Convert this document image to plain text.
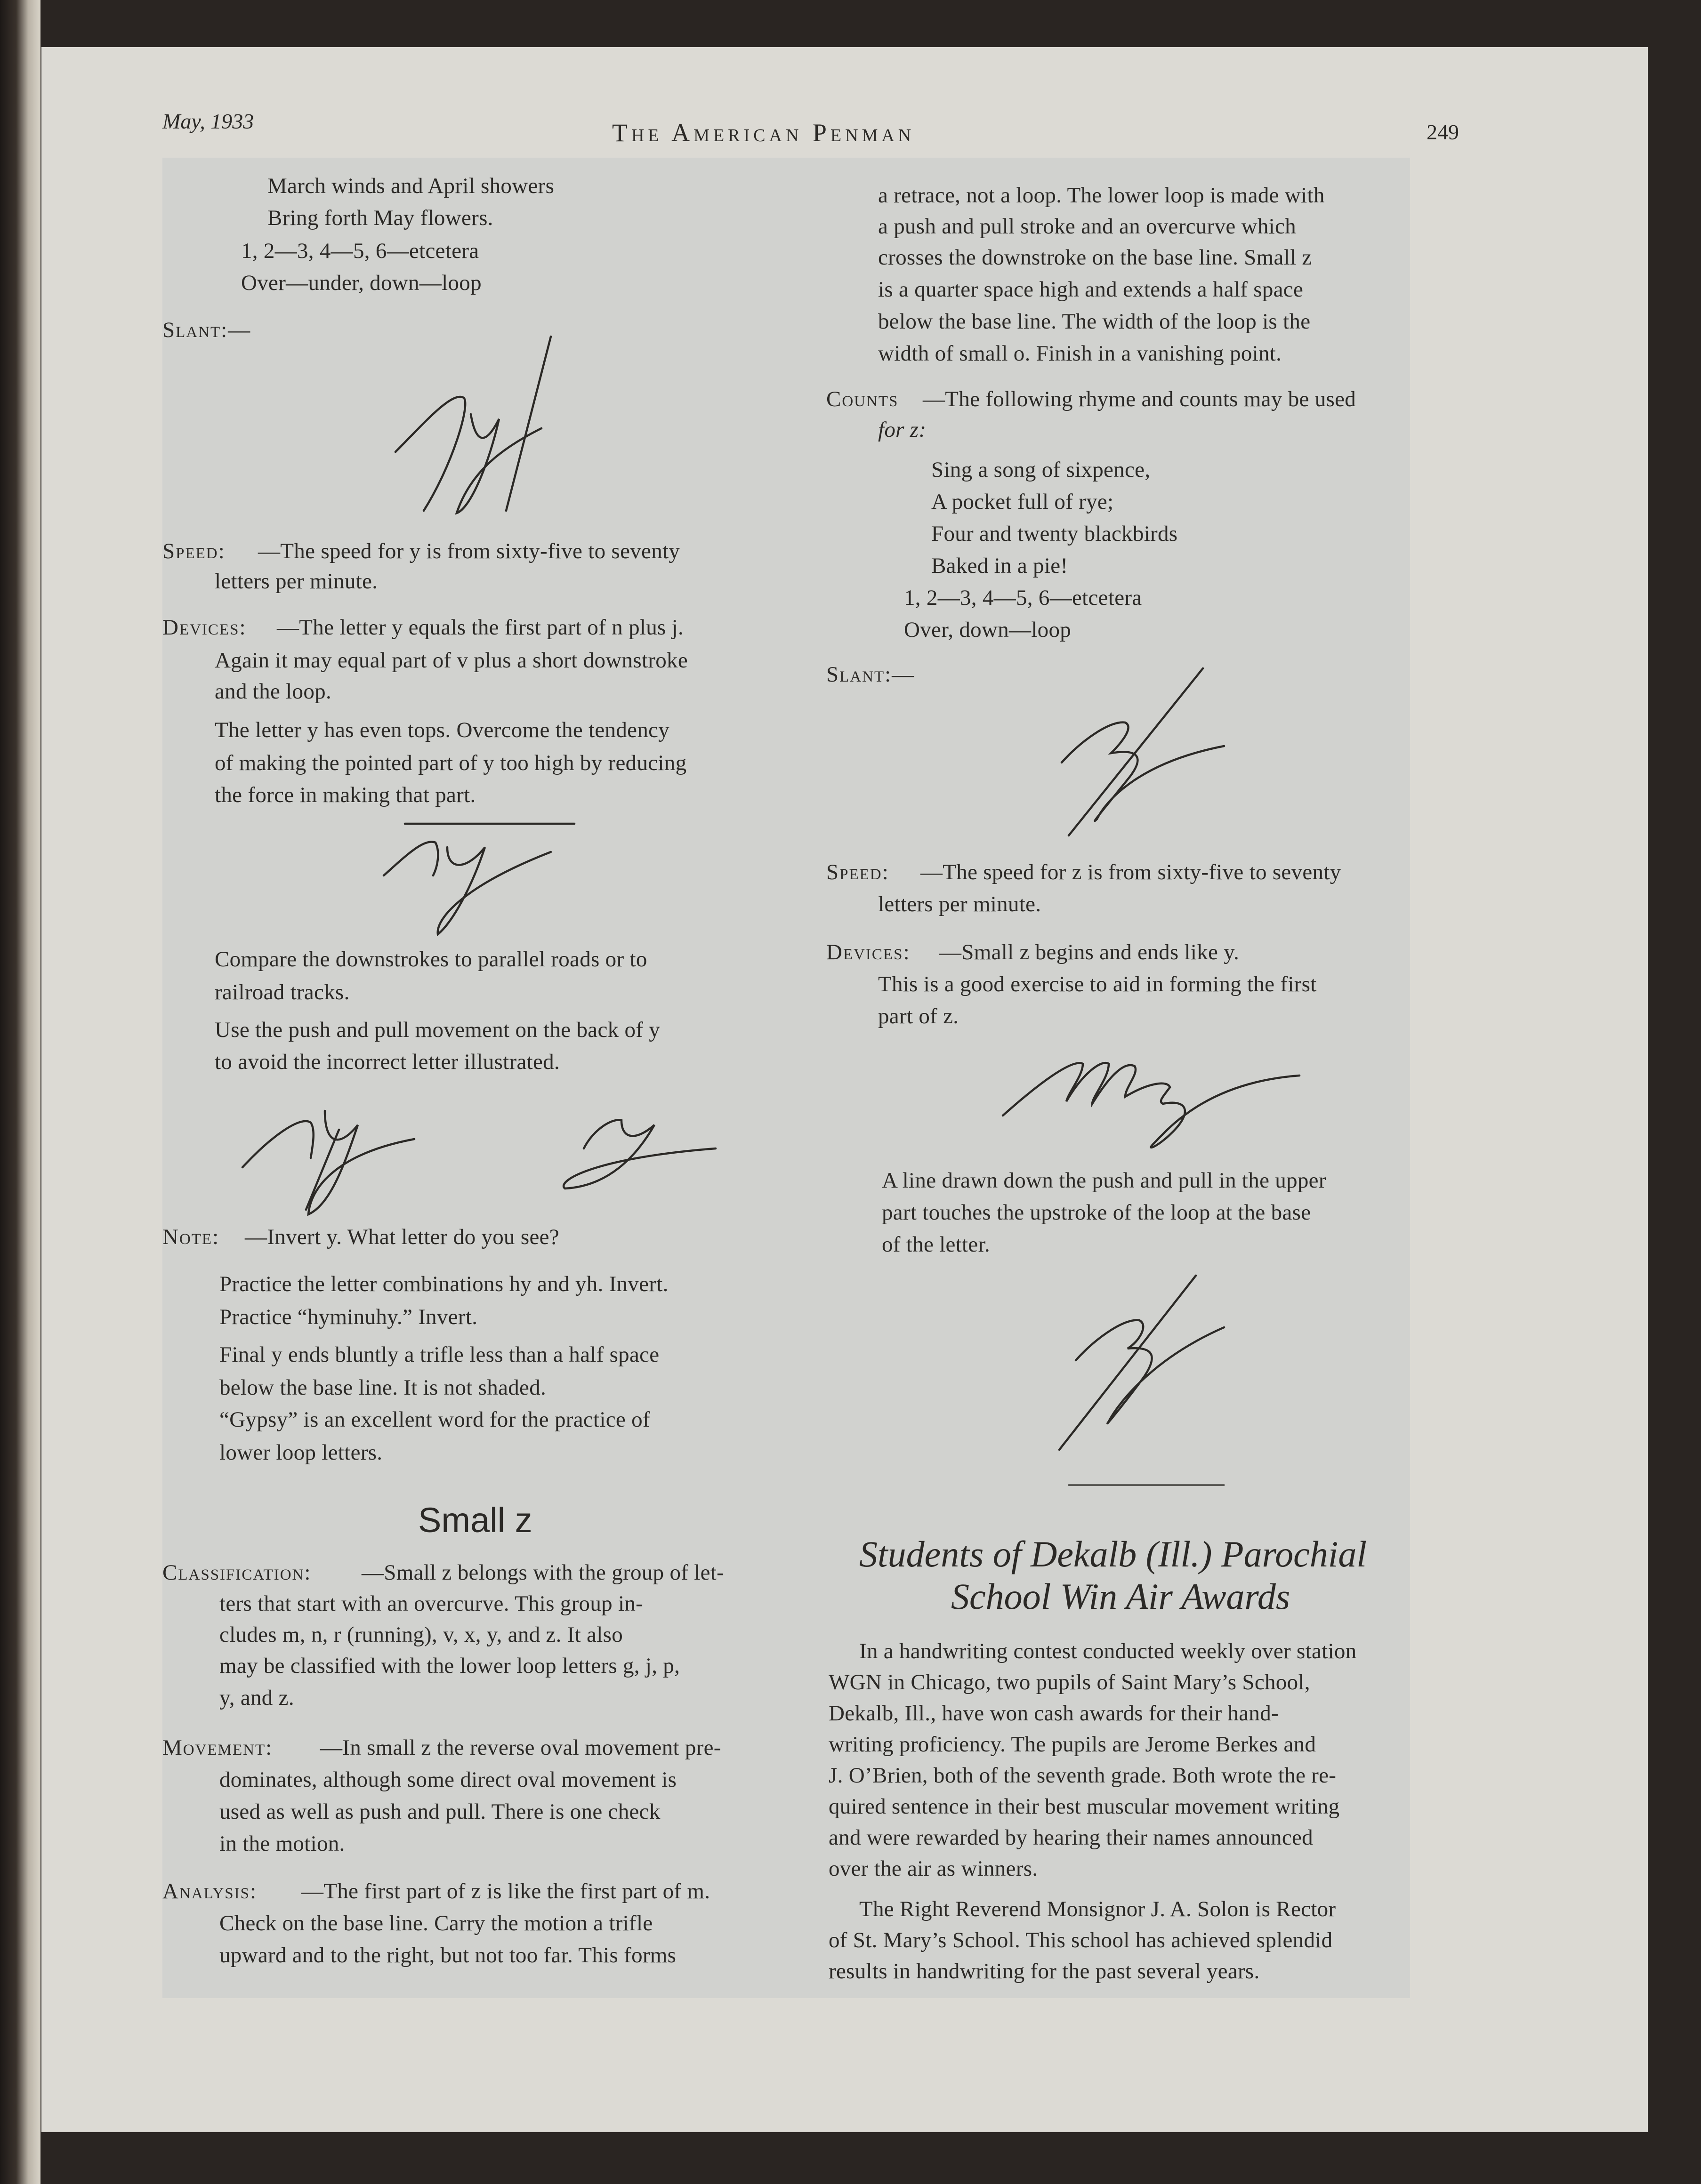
May, 1933	The American Penman	249

March winds and April showers

Bring forth May flowers.

1, 2—3, 4—5, 6—etcetera

Over—under, down—loop

Slant:—

Speed: —The speed for y is from sixty-five to seventy

letters per minute.

Devices: —The letter y equals the first part of n plus j.

Again it may equal part of v plus a short downstroke

and the loop.

The letter y has even tops. Overcome the tendency

of making the pointed part of y too high by reducing

the force in making that part.

Compare the downstrokes to parallel roads or to

railroad tracks.

Use the push and pull movement on the back of y

to avoid the incorrect letter illustrated.

Note: —Invert y. What letter do you see?

Practice the letter combinations hy and yh. Invert.

Practice “hyminuhy.” Invert.

Final y ends bluntly a trifle less than a half space

below the base line. It is not shaded.

“Gypsy” is an excellent word for the practice of

lower loop letters.

Small z

Classification: —Small z belongs with the group of let-

ters that start with an overcurve. This group in-

cludes m, n, r (running), v, x, y, and z. It also

may be classified with the lower loop letters g, j, p,

y, and z.

Movement: —In small z the reverse oval movement pre-

dominates, although some direct oval movement is

used as well as push and pull. There is one check

in the motion.

Analysis: —The first part of z is like the first part of m.

Check on the base line. Carry the motion a trifle

upward and to the right, but not too far. This forms

a retrace, not a loop. The lower loop is made with

a push and pull stroke and an overcurve which

crosses the downstroke on the base line. Small z

is a quarter space high and extends a half space

below the base line. The width of the loop is the

width of small o. Finish in a vanishing point.

Counts —The following rhyme and counts may be used

for z:

Sing a song of sixpence,

A pocket full of rye;

Four and twenty blackbirds

Baked in a pie!

1, 2—3, 4—5, 6—etcetera

Over, down—loop

Slant:—

Speed: —The speed for z is from sixty-five to seventy

letters per minute.

Devices: —Small z begins and ends like y.

This is a good exercise to aid in forming the first

part of z.

A line drawn down the push and pull in the upper

part touches the upstroke of the loop at the base

of the letter.

Students of Dekalb (Ill.) Parochial

School Win Air Awards

In a handwriting contest conducted weekly over station

WGN in Chicago, two pupils of Saint Mary’s School,

Dekalb, Ill., have won cash awards for their hand-

writing proficiency. The pupils are Jerome Berkes and

J. O’Brien, both of the seventh grade. Both wrote the re-

quired sentence in their best muscular movement writing

and were rewarded by hearing their names announced

over the air as winners.

The Right Reverend Monsignor J. A. Solon is Rector

of St. Mary’s School. This school has achieved splendid

results in handwriting for the past several years.
